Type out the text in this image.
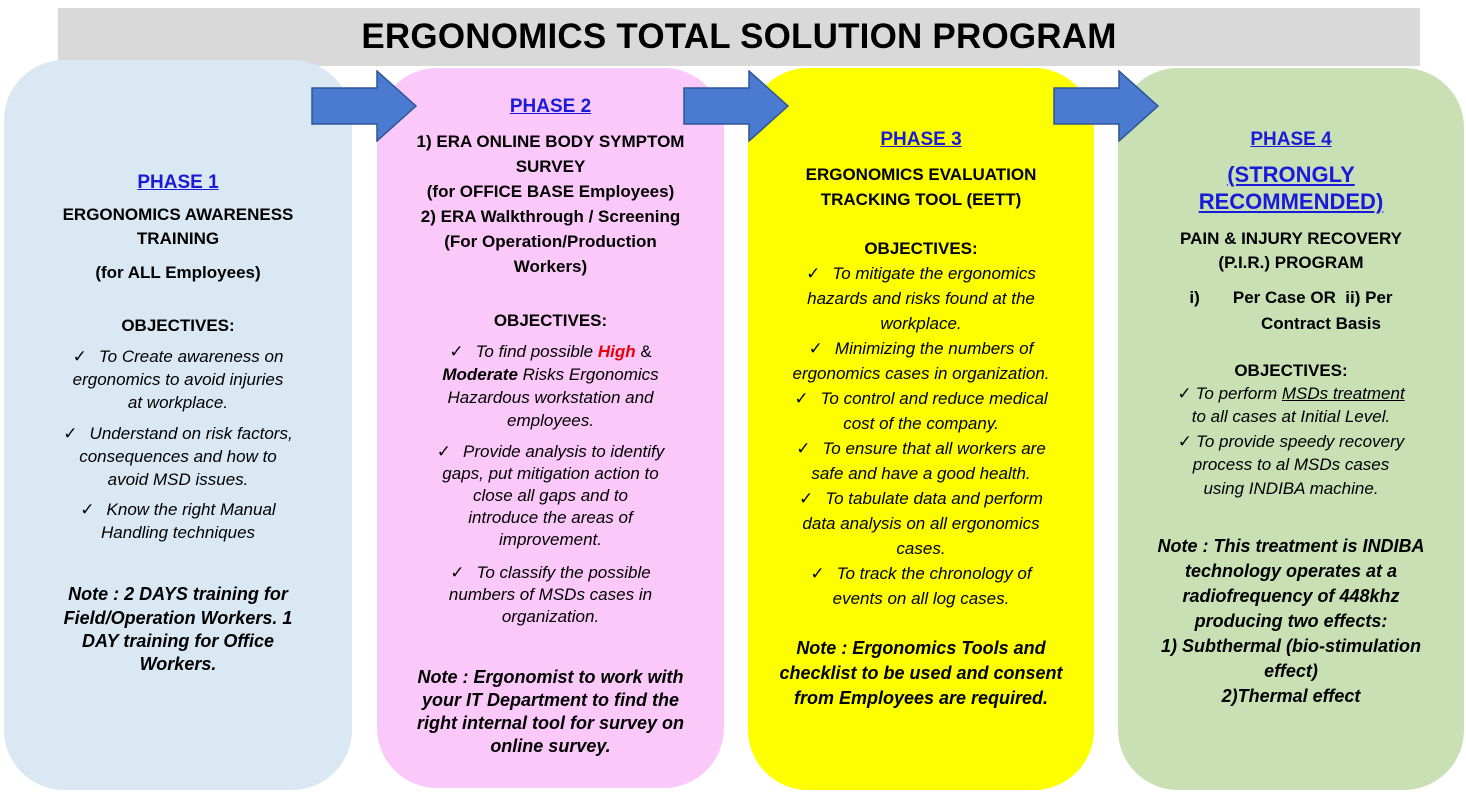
ERGONOMICS TOTAL SOLUTION PROGRAM
PHASE 1
ERGONOMICS AWARENESS
TRAINING
(for ALL Employees)
OBJECTIVES:
✓ To Create awareness on
ergonomics to avoid injuries
at workplace.
✓ Understand on risk factors,
consequences and how to
avoid MSD issues.
✓ Know the right Manual
Handling techniques
Note : 2 DAYS training for
Field/Operation Workers. 1
DAY training for Office
Workers.
PHASE 2
1) ERA ONLINE BODY SYMPTOM
SURVEY
(for OFFICE BASE Employees)
2) ERA Walkthrough / Screening
(For Operation/Production
Workers)
OBJECTIVES:
✓ To find possible High &
Moderate Risks Ergonomics
Hazardous workstation and
employees.
✓ Provide analysis to identify
gaps, put mitigation action to
close all gaps and to
introduce the areas of
improvement.
✓ To classify the possible
numbers of MSDs cases in
organization.
Note : Ergonomist to work with
your IT Department to find the
right internal tool for survey on
online survey.
PHASE 3
ERGONOMICS EVALUATION
TRACKING TOOL (EETT)
OBJECTIVES:
✓ To mitigate the ergonomics
hazards and risks found at the
workplace.
✓ Minimizing the numbers of
ergonomics cases in organization.
✓ To control and reduce medical
cost of the company.
✓ To ensure that all workers are
safe and have a good health.
✓ To tabulate data and perform
data analysis on all ergonomics
cases.
✓ To track the chronology of
events on all log cases.
Note : Ergonomics Tools and
checklist to be used and consent
from Employees are required.
PHASE 4
(STRONGLY
RECOMMENDED)
PAIN & INJURY RECOVERY
(P.I.R.) PROGRAM
i)       Per Case OR  ii) Per
Contract Basis
OBJECTIVES:
✓ To perform MSDs treatment
to all cases at Initial Level.
✓ To provide speedy recovery
process to al MSDs cases
using INDIBA machine.
Note : This treatment is INDIBA
technology operates at a
radiofrequency of 448khz
producing two effects:
1) Subthermal (bio-stimulation
effect)
2)Thermal effect
